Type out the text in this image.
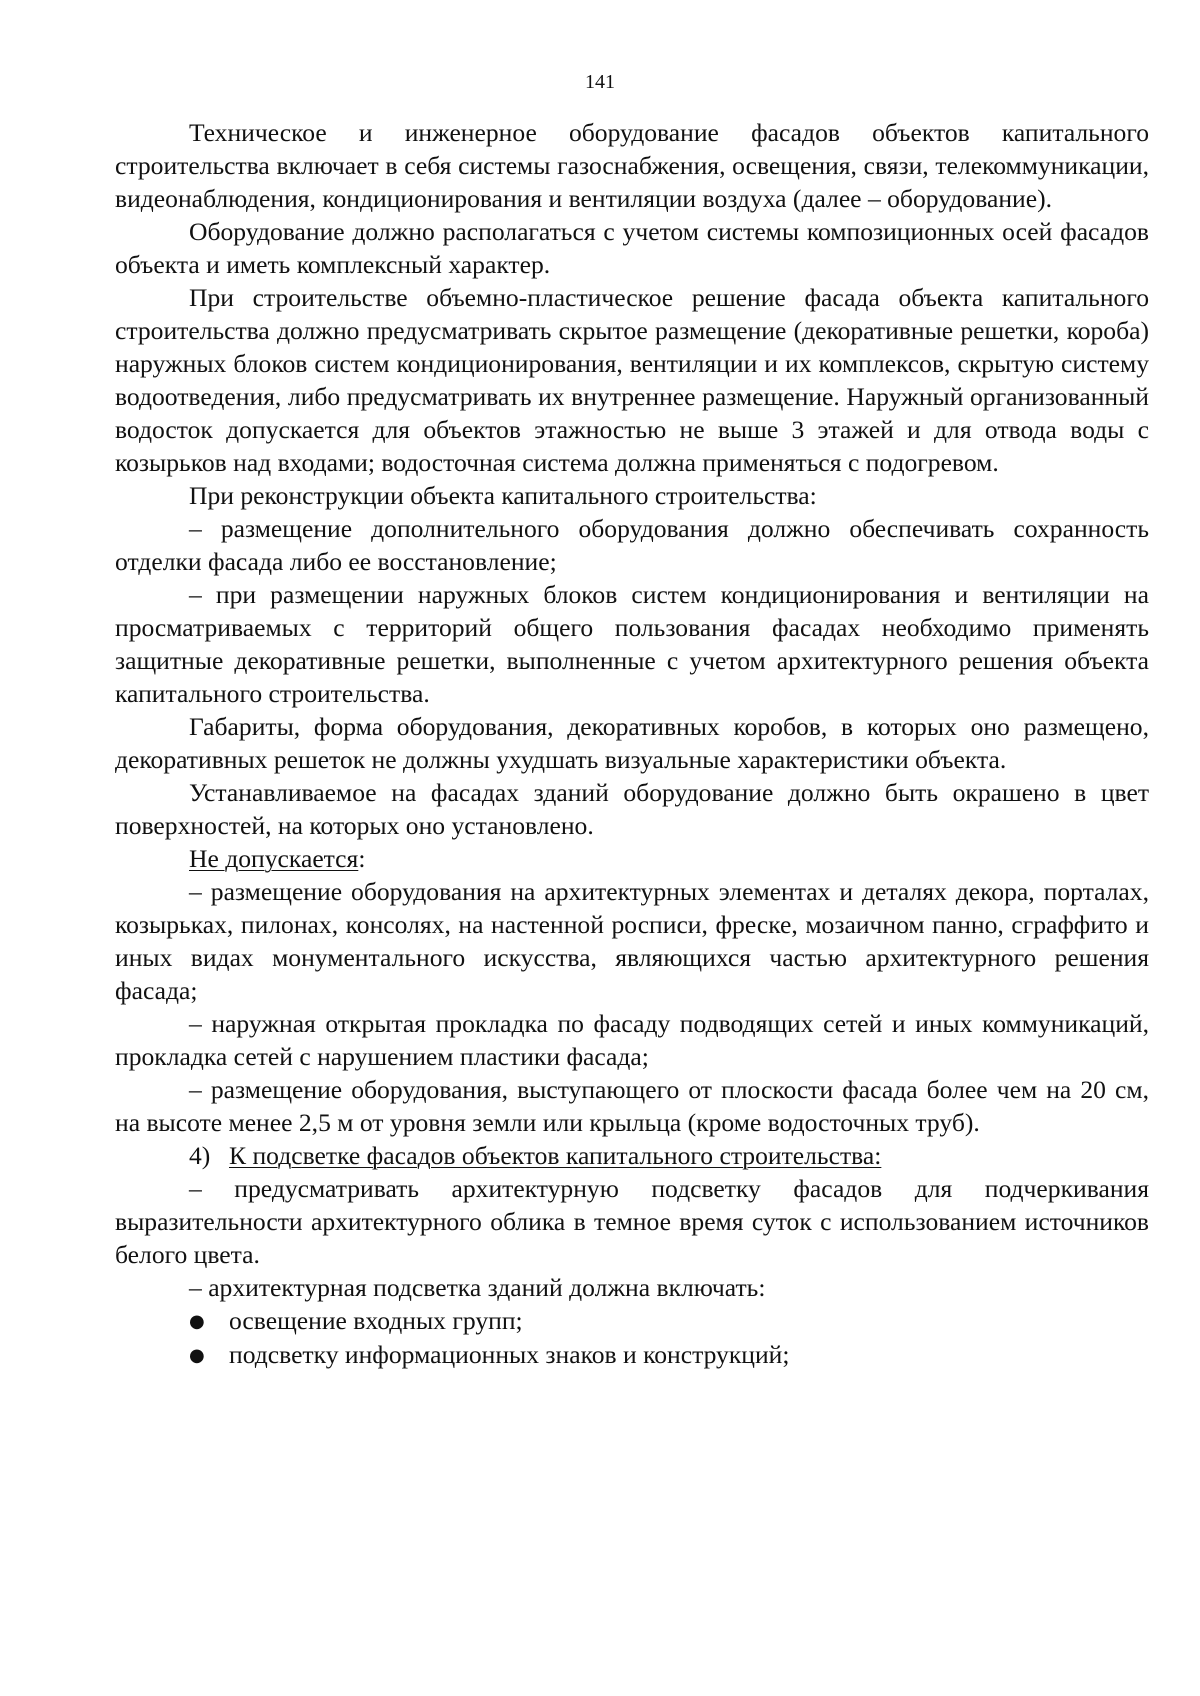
141

Техническое и инженерное оборудование фасадов объектов капитального строительства включает в себя системы газоснабжения, освещения, связи, телекоммуникации, видеонаблюдения, кондиционирования и вентиляции воздуха (далее – оборудование).

Оборудование должно располагаться с учетом системы композиционных осей фасадов объекта и иметь комплексный характер.

При строительстве объемно-пластическое решение фасада объекта капитального строительства должно предусматривать скрытое размещение (декоративные решетки, короба) наружных блоков систем кондиционирования, вентиляции и их комплексов, скрытую систему водоотведения, либо предусматривать их внутреннее размещение. Наружный организованный водосток допускается для объектов этажностью не выше 3 этажей и для отвода воды с козырьков над входами; водосточная система должна применяться с подогревом.

При реконструкции объекта капитального строительства:

– размещение дополнительного оборудования должно обеспечивать сохранность отделки фасада либо ее восстановление;

– при размещении наружных блоков систем кондиционирования и вентиляции на просматриваемых с территорий общего пользования фасадах необходимо применять защитные декоративные решетки, выполненные с учетом архитектурного решения объекта капитального строительства.

Габариты, форма оборудования, декоративных коробов, в которых оно размещено, декоративных решеток не должны ухудшать визуальные характеристики объекта.

Устанавливаемое на фасадах зданий оборудование должно быть окрашено в цвет поверхностей, на которых оно установлено.

Не допускается:

– размещение оборудования на архитектурных элементах и деталях декора, порталах, козырьках, пилонах, консолях, на настенной росписи, фреске, мозаичном панно, сграффито и иных видах монументального искусства, являющихся частью архитектурного решения фасада;

– наружная открытая прокладка по фасаду подводящих сетей и иных коммуникаций, прокладка сетей с нарушением пластики фасада;

– размещение оборудования, выступающего от плоскости фасада более чем на 20 см, на высоте менее 2,5 м от уровня земли или крыльца (кроме водосточных труб).

4) К подсветке фасадов объектов капитального строительства:

– предусматривать архитектурную подсветку фасадов для подчеркивания выразительности архитектурного облика в темное время суток с использованием источников белого цвета.

– архитектурная подсветка зданий должна включать:

● освещение входных групп;

● подсветку информационных знаков и конструкций;
